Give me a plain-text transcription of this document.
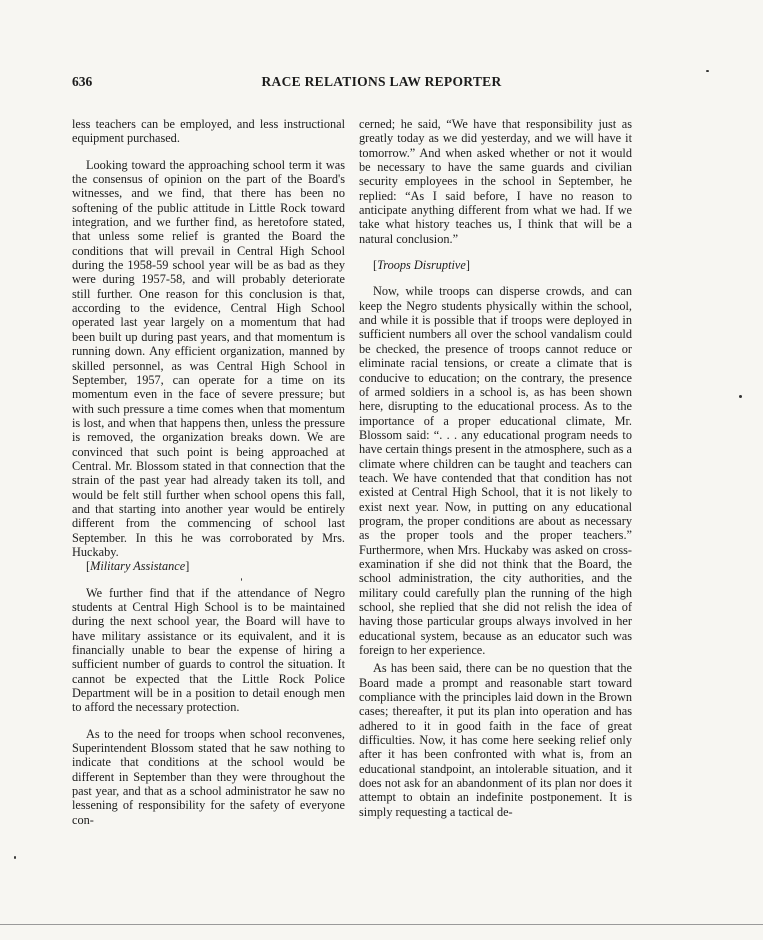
636	RACE RELATIONS LAW REPORTER

less teachers can be employed, and less instructional equipment purchased.

Looking toward the approaching school term it was the consensus of opinion on the part of the Board's witnesses, and we find, that there has been no softening of the public attitude in Little Rock toward integration, and we further find, as heretofore stated, that unless some relief is granted the Board the conditions that will prevail in Central High School during the 1958-59 school year will be as bad as they were during 1957-58, and will probably deteriorate still further. One reason for this conclusion is that, according to the evidence, Central High School operated last year largely on a momentum that had been built up during past years, and that momentum is running down. Any efficient organization, manned by skilled personnel, as was Central High School in September, 1957, can operate for a time on its momentum even in the face of severe pressure; but with such pressure a time comes when that momentum is lost, and when that happens then, unless the pressure is removed, the organization breaks down. We are convinced that such point is being approached at Central. Mr. Blossom stated in that connection that the strain of the past year had already taken its toll, and would be felt still further when school opens this fall, and that starting into another year would be entirely different from the commencing of school last September. In this he was corroborated by Mrs. Huckaby.

[Military Assistance]

We further find that if the attendance of Negro students at Central High School is to be maintained during the next school year, the Board will have to have military assistance or its equivalent, and it is financially unable to bear the expense of hiring a sufficient number of guards to control the situation. It cannot be expected that the Little Rock Police Department will be in a position to detail enough men to afford the necessary protection.

As to the need for troops when school reconvenes, Superintendent Blossom stated that he saw nothing to indicate that conditions at the school would be different in September than they were throughout the past year, and that as a school administrator he saw no lessening of responsibility for the safety of everyone con-

cerned; he said, “We have that responsibility just as greatly today as we did yesterday, and we will have it tomorrow.” And when asked whether or not it would be necessary to have the same guards and civilian security employees in the school in September, he replied: “As I said before, I have no reason to anticipate anything different from what we had. If we take what history teaches us, I think that will be a natural conclusion.”

[Troops Disruptive]

Now, while troops can disperse crowds, and can keep the Negro students physically within the school, and while it is possible that if troops were deployed in sufficient numbers all over the school vandalism could be checked, the presence of troops cannot reduce or eliminate racial tensions, or create a climate that is conducive to education; on the contrary, the presence of armed soldiers in a school is, as has been shown here, disrupting to the educational process. As to the importance of a proper educational climate, Mr. Blossom said: “. . . any educational program needs to have certain things present in the atmosphere, such as a climate where children can be taught and teachers can teach. We have contended that that condition has not existed at Central High School, that it is not likely to exist next year. Now, in putting on any educational program, the proper conditions are about as necessary as the proper tools and the proper teachers.” Furthermore, when Mrs. Huckaby was asked on cross-examination if she did not think that the Board, the school administration, the city authorities, and the military could carefully plan the running of the high school, she replied that she did not relish the idea of having those particular groups always involved in her educational system, because as an educator such was foreign to her experience.

As has been said, there can be no question that the Board made a prompt and reasonable start toward compliance with the principles laid down in the Brown cases; thereafter, it put its plan into operation and has adhered to it in good faith in the face of great difficulties. Now, it has come here seeking relief only after it has been confronted with what is, from an educational standpoint, an intolerable situation, and it does not ask for an abandonment of its plan nor does it attempt to obtain an indefinite postponement. It is simply requesting a tactical de-
